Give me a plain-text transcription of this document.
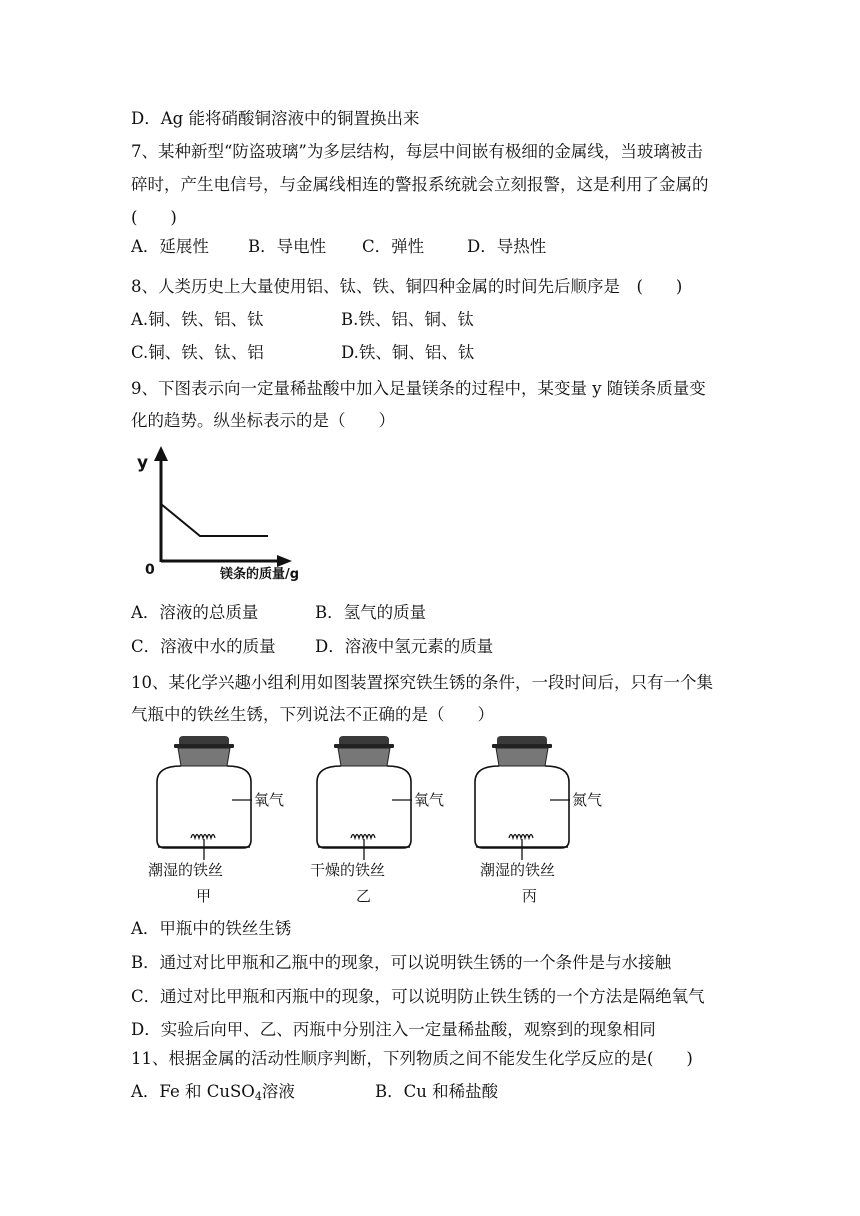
D．Ag 能将硝酸铜溶液中的铜置换出来
7、某种新型“防盗玻璃”为多层结构，每层中间嵌有极细的金属线，当玻璃被击
碎时，产生电信号，与金属线相连的警报系统就会立刻报警，这是利用了金属的
(　　)
A．延展性 B．导电性 C．弹性	D．导热性
8、人类历史上大量使用铝、钛、铁、铜四种金属的时间先后顺序是　(　　)
A.铜、铁、铝、钛	B.铁、铝、铜、钛
C.铜、铁、钛、铝	D.铁、铜、铝、钛
9、下图表示向一定量稀盐酸中加入足量镁条的过程中，某变量 y 随镁条质量变
化的趋势。纵坐标表示的是（　　）
y
0	镁条的质量/g
A．溶液的总质量	B．氢气的质量
C．溶液中水的质量 D．溶液中氢元素的质量
10、某化学兴趣小组利用如图装置探究铁生锈的条件，一段时间后，只有一个集
气瓶中的铁丝生锈，下列说法不正确的是（　　）
氧气
潮湿的铁丝
甲
氧气
干燥的铁丝
乙
氮气
潮湿的铁丝
丙
A．甲瓶中的铁丝生锈
B．通过对比甲瓶和乙瓶中的现象，可以说明铁生锈的一个条件是与水接触
C．通过对比甲瓶和丙瓶中的现象，可以说明防止铁生锈的一个方法是隔绝氧气
D．实验后向甲、乙、丙瓶中分别注入一定量稀盐酸，观察到的现象相同
11、根据金属的活动性顺序判断，下列物质之间不能发生化学反应的是(　　)
A．Fe 和 CuSO$_4$溶液	B．Cu 和稀盐酸
